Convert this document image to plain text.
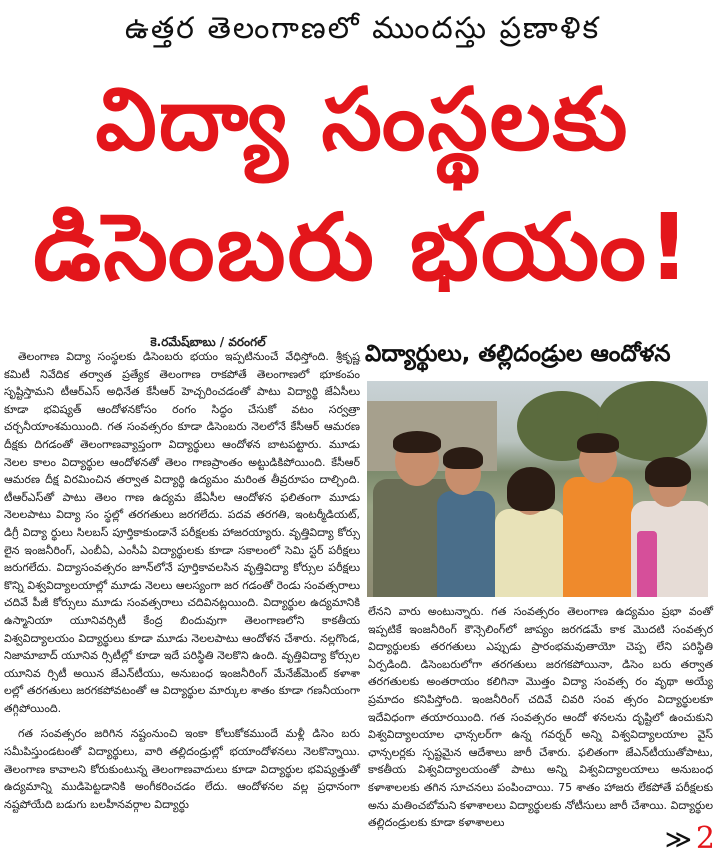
ఉత్తర తెలంగాణలో ముందస్తు ప్రణాళిక
విద్యా సంస్థలకు
డిసెంబరు భయం!
కె.రమేష్‌బాబు / వరంగల్	విద్యార్థులు, తల్లిదండ్రుల ఆందోళన

తెలంగాణ విద్యా సంస్థలకు డిసెంబరు భయం ఇప్పటినుంచే వేధిస్తోంది. శ్రీకృష్ణ కమిటీ నివేదిక తర్వాత ప్రత్యేక తెలంగాణ రాకపోతే తెలంగాణలో భూకంపం సృష్టిస్తామని టీఆర్ఎస్ అధినేత కేసీఆర్ హెచ్చరించడంతో పాటు విద్యార్థి జేఏసీలు కూడా భవిష్యత్ ఆందోళనకోసం రంగం సిద్ధం చేసుకో వటం సర్వత్రా చర్చనీయాంశమయింది. గత సంవత్సరం కూడా డిసెంబరు నెలలోనే కేసీఆర్ ఆమరణ దీక్షకు దిగడంతో తెలంగాణవ్యాప్తంగా విద్యార్థులు ఆందోళన బాటపట్టారు. మూడు నెలల కాలం విద్యార్థుల ఆందోళనతో తెలం గాణప్రాంతం అట్టుడికిపోయింది. కేసీఆర్ ఆమరణ దీక్ష విరమించిన తర్వాత విద్యార్థి ఉద్యమం మరింత తీవ్రరూపం దాల్చింది. టీఆర్ఎస్‌తో పాటు తెలం గాణ ఉద్యమ జేఏసీల ఆందోళన ఫలితంగా మూడు నెలలపాటు విద్యా సం స్థల్లో తరగతులు జరగలేదు. పదవ తరగతి, ఇంటర్మీడియట్, డిగ్రీ విద్యా ర్థులు సిలబస్ పూర్తికాకుండానే పరీక్షలకు హాజరయ్యారు. వృత్తివిద్యా కోర్సు లైన ఇంజనీరింగ్, ఎంబీఏ, ఎంసీఏ విద్యార్థులకు కూడా సకాలంలో సెమి స్టర్ పరీక్షలు జరుగలేదు. విద్యాసంవత్సరం జూన్‌లోనే పూర్తికావలసిన వృత్తివిద్యా కోర్సుల పరీక్షలు కొన్ని విశ్వవిద్యాలయాల్లో మూడు నెలలు ఆలస్యంగా జర గడంతో రెండు సంవత్సరాలు చదివే పీజీ కోర్సులు మూడు సంవత్సరాలు చదివినట్లయింది. విద్యార్థుల ఉద్యమానికి ఉస్మానియా యూనివర్సిటీ కేంద్ర బిందువుగా తెలంగాణలోని కాకతీయ విశ్వవిద్యాలయం విద్యార్థులు కూడా మూడు నెలలపాటు ఆందోళన చేశారు. నల్లగొండ, నిజామాబాద్ యూనివ ర్సిటీల్లో కూడా ఇదే పరిస్థితి నెలకొని ఉంది. వృత్తివిద్యా కోర్సుల యూనివ ర్సిటీ అయిన జేఎన్‌టీయు, అనుబంధ ఇంజనీరింగ్ మేనేజ్‌మెంట్ కళాశా లల్లో తరగతులు జరగకపోవటంతో ఆ విద్యార్థుల మార్కుల శాతం కూడా గణనీయంగా తగ్గిపోయింది.

గత సంవత్సరం జరిగిన నష్టంనుంచి ఇంకా కోలుకోకముందే మళ్లీ డిసెం బరు సమీపిస్తుండటంతో విద్యార్థులు, వారి తల్లిదండ్రుల్లో భయాందోళనలు నెలకొన్నాయి. తెలంగాణ కావాలని కోరుకుంటున్న తెలంగాణవాదులు కూడా విద్యార్థుల భవిష్యత్తుతో ఉద్యమాన్ని ముడిపెట్టడానికి అంగీకరించడం లేదు. ఆందోళనల వల్ల ప్రధానంగా నష్టపోయేది బడుగు బలహీనవర్గాల విద్యార్థు

లేనని వారు అంటున్నారు. గత సంవత్సరం తెలంగాణ ఉద్యమం ప్రభా వంతో ఇప్పటికే ఇంజనీరింగ్ కౌన్సెలింగ్‌లో జాప్యం జరగడమే కాక మొదటి సంవత్సర విద్యార్థులకు తరగతులు ఎప్పుడు ప్రారంభమవుతాయో చెప్ప లేని పరిస్థితి ఏర్పడింది. డిసెంబరులోగా తరగతులు జరగకపోయినా, డిసెం బరు తర్వాత తరగతులకు అంతరాయం కలిగినా మొత్తం విద్యా సంవత్స రం వృథా అయ్యే ప్రమాదం కనిపిస్తోంది. ఇంజనీరింగ్ చదివే చివరి సంవ త్సరం విద్యార్థులకూ ఇదేవిధంగా తయారయింది. గత సంవత్సరం ఆందో ళనలను దృష్టిలో ఉంచుకుని విశ్వవిద్యాలయాల ఛాన్సలర్‌గా ఉన్న గవర్నర్ అన్ని విశ్వవిద్యాలయాల వైస్ ఛాన్సలర్లకు స్పష్టమైన ఆదేశాలు జారీ చేశారు. ఫలితంగా జేఎన్‌టీయుతోపాటు, కాకతీయ విశ్వవిద్యాలయంతో పాటు అన్ని విశ్వవిద్యాలయాలు అనుబంధ కళాశాలలకు తగిన సూచనలు పంపించాయి. 75 శాతం హాజరు లేకపోతే పరీక్షలకు అను మతించబోమని కళాశాలలు విద్యార్థులకు నోటీసులు జారీ చేశాయి. విద్యార్థుల తల్లిదండ్రులకు కూడా కళాశాలలు

≫ 2
